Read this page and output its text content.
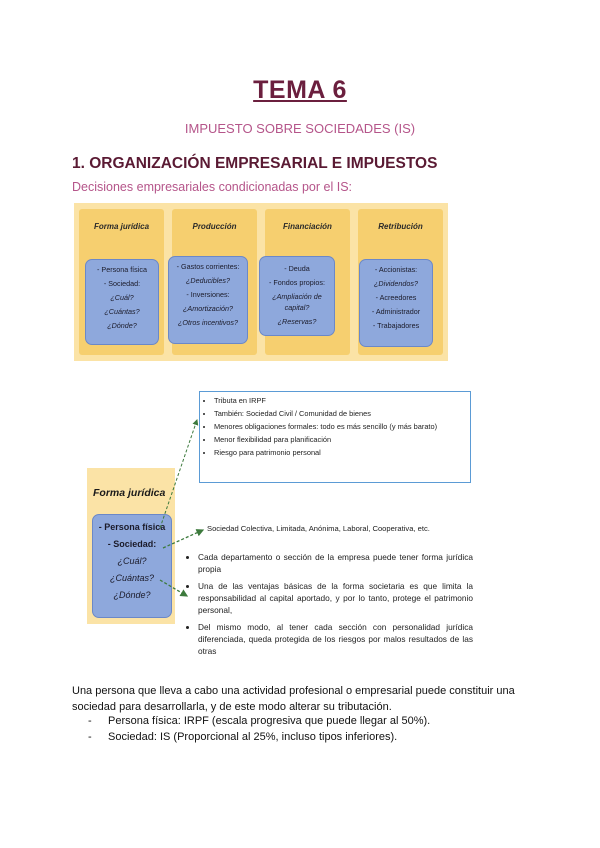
TEMA 6
IMPUESTO SOBRE SOCIEDADES (IS)
1. ORGANIZACIÓN EMPRESARIAL E IMPUESTOS
Decisiones empresariales condicionadas por el IS:
Forma jurídica
- Persona física
- Sociedad:
¿Cuál?
¿Cuántas?
¿Dónde?
Producción
- Gastos corrientes:
¿Deducibles?
- Inversiones:
¿Amortización?
¿Otros incentivos?
Financiación
- Deuda
- Fondos propios:
¿Ampliación de capital?
¿Reservas?
Retribución
- Accionistas:
¿Dividendos?
- Acreedores
- Administrador
- Trabajadores
Forma jurídica
- Persona física
- Sociedad:
¿Cuál?
¿Cuántas?
¿Dónde?
• Tributa en IRPF
• También: Sociedad Civil / Comunidad de bienes
• Menores obligaciones formales: todo es más sencillo (y más barato)
• Menor flexibilidad para planificación
• Riesgo para patrimonio personal
Sociedad Colectiva, Limitada, Anónima, Laboral, Cooperativa, etc.
• Cada departamento o sección de la empresa puede tener forma jurídica propia
• Una de las ventajas básicas de la forma societaria es que limita la responsabilidad al capital aportado, y por lo tanto, protege el patrimonio personal,
• Del mismo modo, al tener cada sección con personalidad jurídica diferenciada, queda protegida de los riesgos por malos resultados de las otras
Una persona que lleva a cabo una actividad profesional o empresarial puede constituir una sociedad para desarrollarla, y de este modo alterar su tributación.
- Persona física: IRPF (escala progresiva que puede llegar al 50%).
- Sociedad: IS (Proporcional al 25%, incluso tipos inferiores).
